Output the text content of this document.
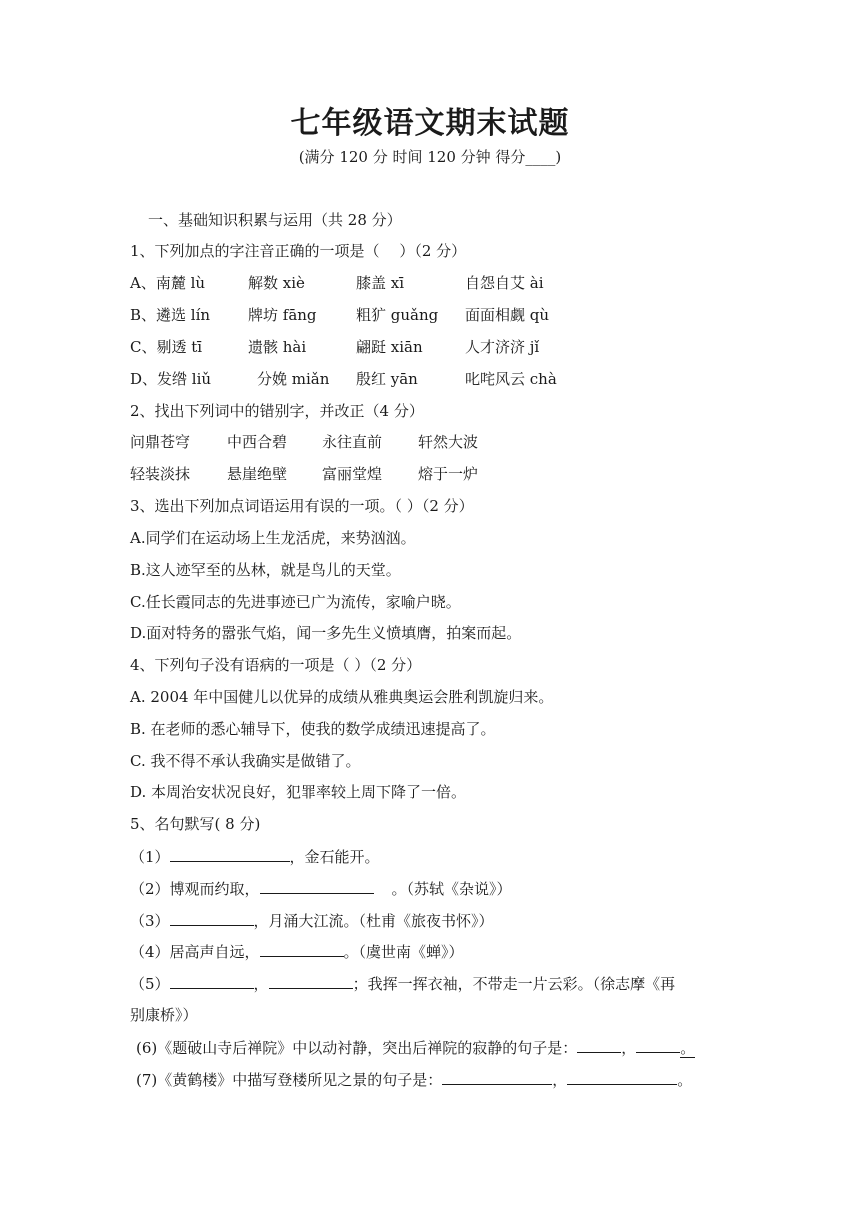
七年级语文期末试题
(满分 120 分 时间 120 分钟 得分____)
一、基础知识积累与运用（共 28 分）
1、下列加点的字注音正确的一项是（　 ）（2 分）
A、南麓 lù	解数 xiè	膝盖 xī	自怨自艾 ài
B、遴选 lín	牌坊 fāng	粗犷 guǎng 面面相觑 qù
C、剔透 tī	遗骸 hài	翩跹 xiān	人才济济 jǐ
D、发绺 liǔ	分娩 miǎn 殷红 yān	叱咤风云 chà
2、找出下列词中的错别字，并改正（4 分）
问鼎苍穹 中西合碧 永往直前 轩然大波
轻装淡抹 悬崖绝壁 富丽堂煌 熔于一炉
3、选出下列加点词语运用有误的一项。（ ）（2 分）
A.同学们在运动场上生龙活虎，来势汹汹。
B.这人迹罕至的丛林，就是鸟儿的天堂。
C.任长霞同志的先进事迹已广为流传，家喻户晓。
D.面对特务的嚣张气焰，闻一多先生义愤填膺，拍案而起。
4、下列句子没有语病的一项是（ ）（2 分）
A. 2004 年中国健儿以优异的成绩从雅典奥运会胜利凯旋归来。
B. 在老师的悉心辅导下，使我的数学成绩迅速提高了。
C. 我不得不承认我确实是做错了。
D. 本周治安状况良好，犯罪率较上周下降了一倍。
5、名句默写( 8 分)
（1）	，金石能开。
（2）博观而约取，	。（苏轼《杂说》）
（3）	，月涌大江流。（杜甫《旅夜书怀》）
（4）居高声自远，	。（虞世南《蝉》）
（5）	，	；我挥一挥衣袖，不带走一片云彩。（徐志摩《再
别康桥》）
(6)《题破山寺后禅院》中以动衬静，突出后禅院的寂静的句子是：	，	。
(7)《黄鹤楼》中描写登楼所见之景的句子是：	，	。
